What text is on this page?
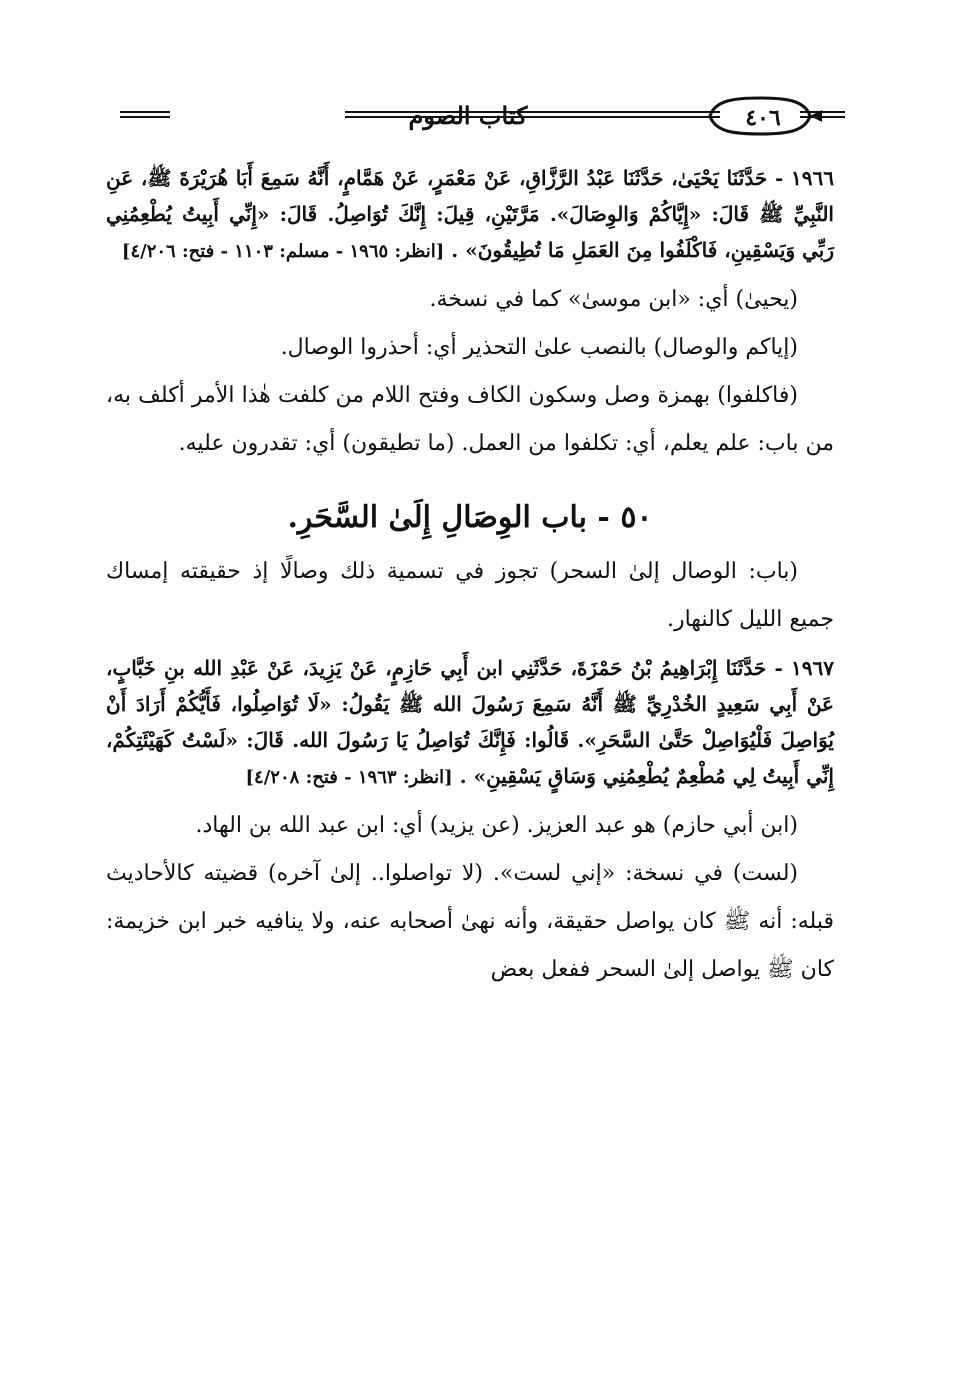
كتاب الصوم	٤٠٦

١٩٦٦ - حَدَّثَنَا يَحْيَىٰ، حَدَّثَنَا عَبْدُ الرَّزَّاقِ، عَنْ مَعْمَرٍ، عَنْ هَمَّامٍ، أَنَّهُ سَمِعَ أَبَا هُرَيْرَةَ ﷺ، عَنِ النَّبِيِّ ﷺ قَالَ: «إِيَّاكُمْ وَالوِصَالَ». مَرَّتَيْنِ، قِيلَ: إِنَّكَ تُوَاصِلُ. قَالَ: «إِنِّي أَبِيتُ يُطْعِمُنِي رَبِّي وَيَسْقِينِ، فَاكْلَفُوا مِنَ العَمَلِ مَا تُطِيقُونَ» . [انظر: ١٩٦٥ - مسلم: ١١٠٣ - فتح: ٤/٢٠٦]

(يحيىٰ) أي: «ابن موسىٰ» كما في نسخة.

(إياكم والوصال) بالنصب علىٰ التحذير أي: أحذروا الوصال.

(فاكلفوا) بهمزة وصل وسكون الكاف وفتح اللام من كلفت هٰذا الأمر أكلف به، من باب: علم يعلم، أي: تكلفوا من العمل. (ما تطيقون) أي: تقدرون عليه.

٥٠ - باب الوِصَالِ إِلَىٰ السَّحَرِ.

(باب: الوصال إلىٰ السحر) تجوز في تسمية ذلك وصالًا إذ حقيقته إمساك جميع الليل كالنهار.

١٩٦٧ - حَدَّثَنَا إِبْرَاهِيمُ بْنُ حَمْزَةَ، حَدَّثَنِي ابن أَبِي حَازِمٍ، عَنْ يَزِيدَ، عَنْ عَبْدِ الله بنِ خَبَّابٍ، عَنْ أَبِي سَعِيدٍ الخُدْرِيِّ ﷺ أَنَّهُ سَمِعَ رَسُولَ الله ﷺ يَقُولُ: «لَا تُوَاصِلُوا، فَأَيُّكُمْ أَرَادَ أَنْ يُوَاصِلَ فَلْيُوَاصِلْ حَتَّىٰ السَّحَرِ». قَالُوا: فَإِنَّكَ تُوَاصِلُ يَا رَسُولَ الله. قَالَ: «لَسْتُ كَهَيْئَتِكُمْ، إِنِّي أَبِيتُ لِي مُطْعِمٌ يُطْعِمُنِي وَسَاقٍ يَسْقِينِ» . [انظر: ١٩٦٣ - فتح: ٤/٢٠٨]

(ابن أبي حازم) هو عبد العزيز. (عن يزيد) أي: ابن عبد الله بن الهاد.

(لست) في نسخة: «إني لست». (لا تواصلوا.. إلىٰ آخره) قضيته كالأحاديث قبله: أنه ﷺ كان يواصل حقيقة، وأنه نهىٰ أصحابه عنه، ولا ينافيه خبر ابن خزيمة: كان ﷺ يواصل إلىٰ السحر ففعل بعض
